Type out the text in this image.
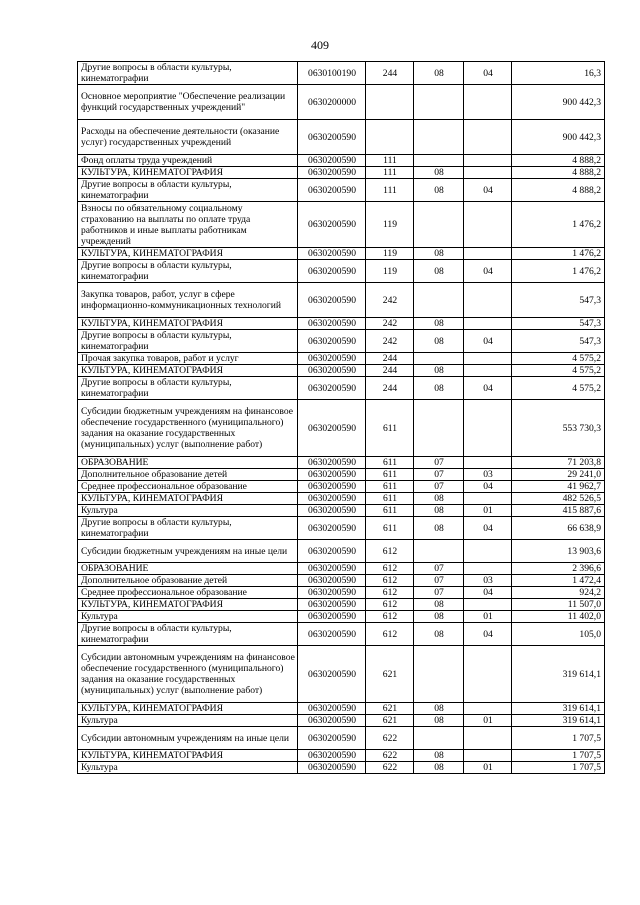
409
Другие вопросы в области культуры, кинематографии	0630100190	244	08	04	16,3
Основное мероприятие "Обеспечение реализации функций государственных учреждений"	0630200000				900 442,3
Расходы на обеспечение деятельности (оказание услуг) государственных учреждений	0630200590				900 442,3
Фонд оплаты труда учреждений	0630200590	111			4 888,2
КУЛЬТУРА, КИНЕМАТОГРАФИЯ	0630200590	111	08		4 888,2
Другие вопросы в области культуры, кинематографии	0630200590	111	08	04	4 888,2
Взносы по обязательному социальному страхованию на выплаты по оплате труда работников и иные выплаты работникам учреждений	0630200590	119			1 476,2
КУЛЬТУРА, КИНЕМАТОГРАФИЯ	0630200590	119	08		1 476,2
Другие вопросы в области культуры, кинематографии	0630200590	119	08	04	1 476,2
Закупка товаров, работ, услуг в сфере информационно-коммуникационных технологий	0630200590	242			547,3
КУЛЬТУРА, КИНЕМАТОГРАФИЯ	0630200590	242	08		547,3
Другие вопросы в области культуры, кинематографии	0630200590	242	08	04	547,3
Прочая закупка товаров, работ и услуг	0630200590	244			4 575,2
КУЛЬТУРА, КИНЕМАТОГРАФИЯ	0630200590	244	08		4 575,2
Другие вопросы в области культуры, кинематографии	0630200590	244	08	04	4 575,2
Субсидии бюджетным учреждениям на финансовое обеспечение государственного (муниципального) задания на оказание государственных (муниципальных) услуг (выполнение работ)	0630200590	611			553 730,3
ОБРАЗОВАНИЕ	0630200590	611	07		71 203,8
Дополнительное образование детей	0630200590	611	07	03	29 241,0
Среднее профессиональное образование	0630200590	611	07	04	41 962,7
КУЛЬТУРА, КИНЕМАТОГРАФИЯ	0630200590	611	08		482 526,5
Культура	0630200590	611	08	01	415 887,6
Другие вопросы в области культуры, кинематографии	0630200590	611	08	04	66 638,9
Субсидии бюджетным учреждениям на иные цели	0630200590	612			13 903,6
ОБРАЗОВАНИЕ	0630200590	612	07		2 396,6
Дополнительное образование детей	0630200590	612	07	03	1 472,4
Среднее профессиональное образование	0630200590	612	07	04	924,2
КУЛЬТУРА, КИНЕМАТОГРАФИЯ	0630200590	612	08		11 507,0
Культура	0630200590	612	08	01	11 402,0
Другие вопросы в области культуры, кинематографии	0630200590	612	08	04	105,0
Субсидии автономным учреждениям на финансовое обеспечение государственного (муниципального) задания на оказание государственных (муниципальных) услуг (выполнение работ)	0630200590	621			319 614,1
КУЛЬТУРА, КИНЕМАТОГРАФИЯ	0630200590	621	08		319 614,1
Культура	0630200590	621	08	01	319 614,1
Субсидии автономным учреждениям на иные цели	0630200590	622			1 707,5
КУЛЬТУРА, КИНЕМАТОГРАФИЯ	0630200590	622	08		1 707,5
Культура	0630200590	622	08	01	1 707,5
